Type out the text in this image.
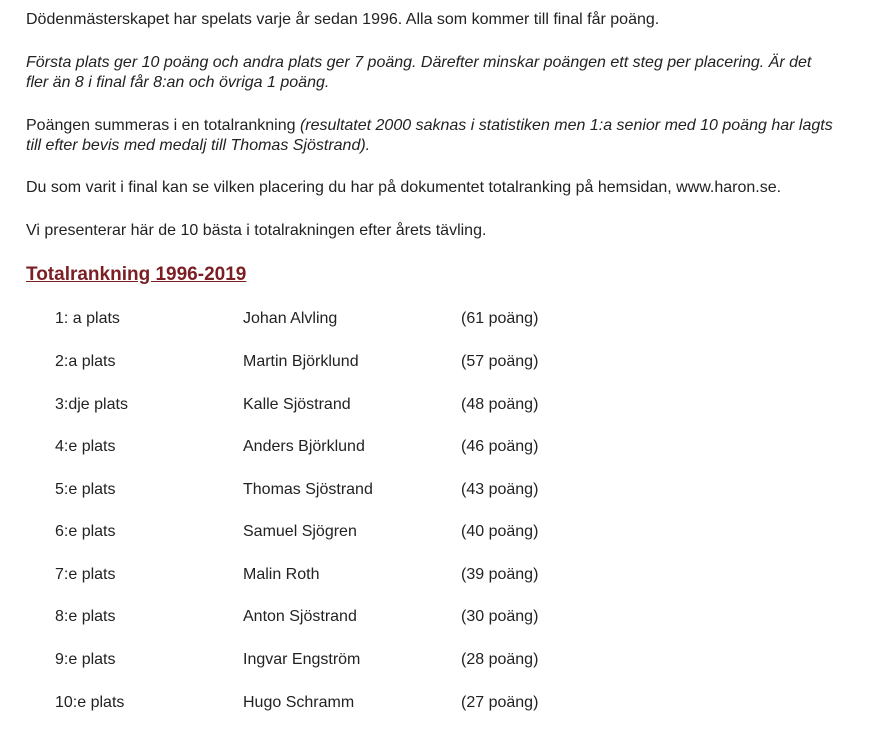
Dödenmästerskapet har spelats varje år sedan 1996. Alla som kommer till final får poäng.

Första plats ger 10 poäng och andra plats ger 7 poäng. Därefter minskar poängen ett steg per placering. Är det fler än 8 i final får 8:an och övriga 1 poäng.

Poängen summeras i en totalrankning (resultatet 2000 saknas i statistiken men 1:a senior med 10 poäng har lagts till efter bevis med medalj till Thomas Sjöstrand).

Du som varit i final kan se vilken placering du har på dokumentet totalranking på hemsidan, www.haron.se.

Vi presenterar här de 10 bästa i totalrakningen efter årets tävling.

Totalrankning 1996-2019
1: a plats	Johan Alvling	(61 poäng)
2:a plats	Martin Björklund	(57 poäng)
3:dje plats	Kalle Sjöstrand	(48 poäng)
4:e plats	Anders Björklund	(46 poäng)
5:e plats	Thomas Sjöstrand	(43 poäng)
6:e plats	Samuel Sjögren	(40 poäng)
7:e plats	Malin Roth	(39 poäng)
8:e plats	Anton Sjöstrand	(30 poäng)
9:e plats	Ingvar Engström	(28 poäng)
10:e plats	Hugo Schramm	(27 poäng)
